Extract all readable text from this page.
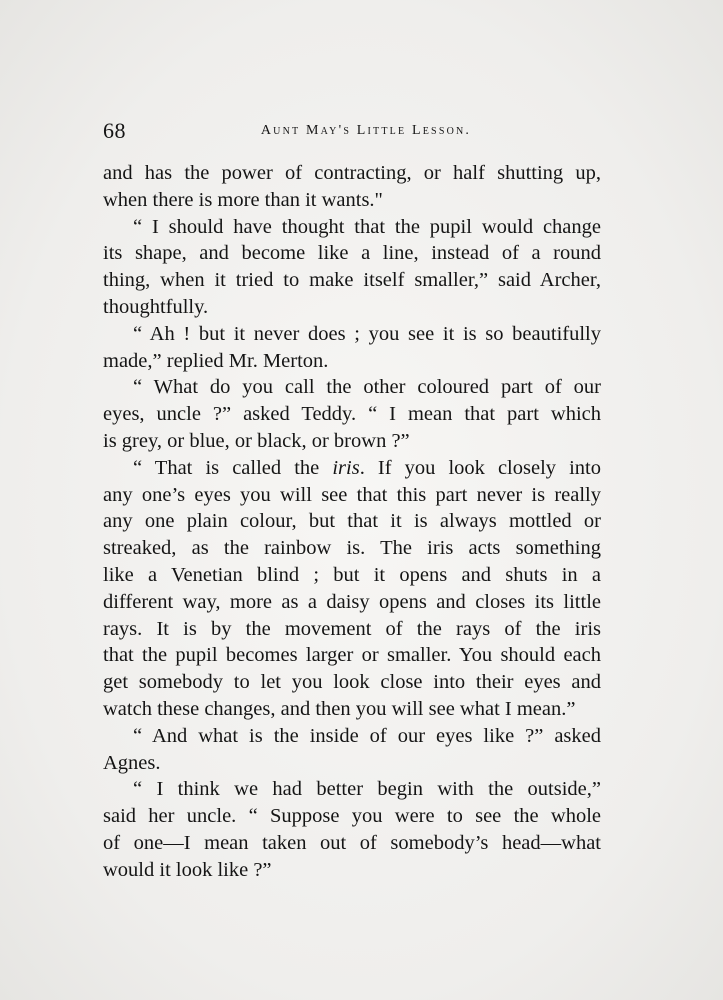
68	Aunt May's Little Lesson.

and has the power of contracting, or half shutting up,
when there is more than it wants."

“ I should have thought that the pupil would change
its shape, and become like a line, instead of a round
thing, when it tried to make itself smaller,” said Archer,
thoughtfully.

“ Ah ! but it never does ; you see it is so beautifully
made,” replied Mr. Merton.

“ What do you call the other coloured part of our
eyes, uncle ?” asked Teddy. “ I mean that part which
is grey, or blue, or black, or brown ?”

“ That is called the iris. If you look closely into
any one’s eyes you will see that this part never is really
any one plain colour, but that it is always mottled or
streaked, as the rainbow is. The iris acts something
like a Venetian blind ; but it opens and shuts in a
different way, more as a daisy opens and closes its little
rays. It is by the movement of the rays of the iris
that the pupil becomes larger or smaller. You should each
get somebody to let you look close into their eyes and
watch these changes, and then you will see what I mean.”

“ And what is the inside of our eyes like ?” asked
Agnes.

“ I think we had better begin with the outside,”
said her uncle. “ Suppose you were to see the whole
of one—I mean taken out of somebody’s head—what
would it look like ?”
